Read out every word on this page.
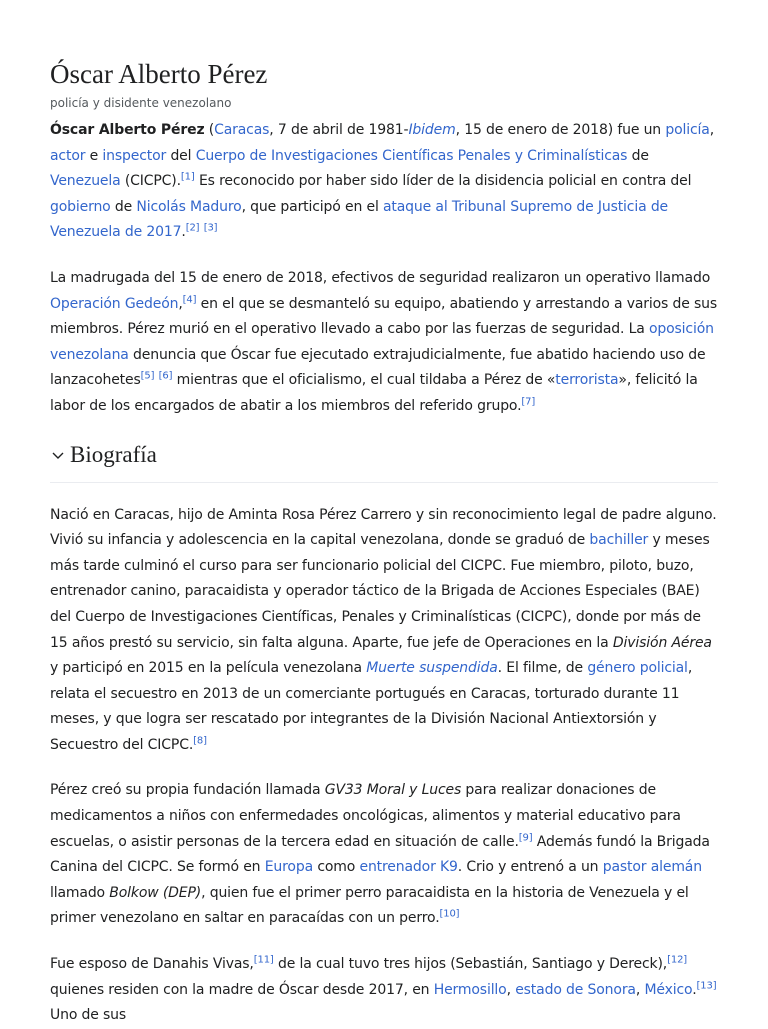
Óscar Alberto Pérez
policía y disidente venezolano

Óscar Alberto Pérez (Caracas, 7 de abril de 1981-Ibidem, 15 de enero de 2018) fue un policía, actor e inspector del Cuerpo de Investigaciones Científicas Penales y Criminalísticas de Venezuela (CICPC).[1] Es reconocido por haber sido líder de la disidencia policial en contra del gobierno de Nicolás Maduro, que participó en el ataque al Tribunal Supremo de Justicia de Venezuela de 2017.[2] [3]

La madrugada del 15 de enero de 2018, efectivos de seguridad realizaron un operativo llamado Operación Gedeón,[4] en el que se desmanteló su equipo, abatiendo y arrestando a varios de sus miembros. Pérez murió en el operativo llevado a cabo por las fuerzas de seguridad. La oposición venezolana denuncia que Óscar fue ejecutado extrajudicialmente, fue abatido haciendo uso de lanzacohetes[5] [6] mientras que el oficialismo, el cual tildaba a Pérez de «terrorista», felicitó la labor de los encargados de abatir a los miembros del referido grupo.[7]

Biografía

Nació en Caracas, hijo de Aminta Rosa Pérez Carrero y sin reconocimiento legal de padre alguno. Vivió su infancia y adolescencia en la capital venezolana, donde se graduó de bachiller y meses más tarde culminó el curso para ser funcionario policial del CICPC. Fue miembro, piloto, buzo, entrenador canino, paracaidista y operador táctico de la Brigada de Acciones Especiales (BAE) del Cuerpo de Investigaciones Científicas, Penales y Criminalísticas (CICPC), donde por más de 15 años prestó su servicio, sin falta alguna. Aparte, fue jefe de Operaciones en la División Aérea y participó en 2015 en la película venezolana Muerte suspendida. El filme, de género policial, relata el secuestro en 2013 de un comerciante portugués en Caracas, torturado durante 11 meses, y que logra ser rescatado por integrantes de la División Nacional Antiextorsión y Secuestro del CICPC.[8]

Pérez creó su propia fundación llamada GV33 Moral y Luces para realizar donaciones de medicamentos a niños con enfermedades oncológicas, alimentos y material educativo para escuelas, o asistir personas de la tercera edad en situación de calle.[9] Además fundó la Brigada Canina del CICPC. Se formó en Europa como entrenador K9. Crio y entrenó a un pastor alemán llamado Bolkow (DEP), quien fue el primer perro paracaidista en la historia de Venezuela y el primer venezolano en saltar en paracaídas con un perro.[10]

Fue esposo de Danahis Vivas,[11] de la cual tuvo tres hijos (Sebastián, Santiago y Dereck),[12] quienes residen con la madre de Óscar desde 2017, en Hermosillo, estado de Sonora, México.[13] Uno de sus
